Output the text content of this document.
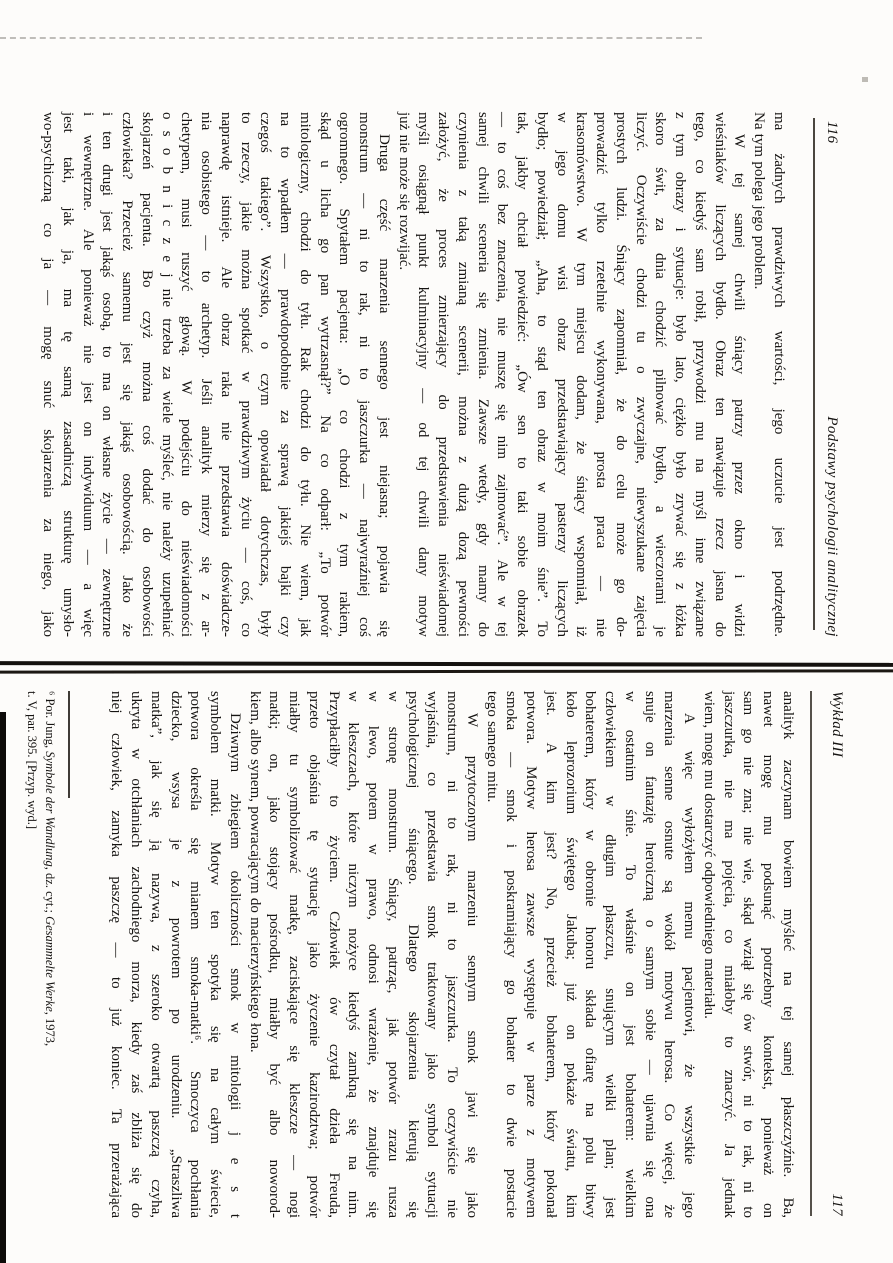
116
Podstawy psychologii analitycznej
ma żadnych prawdziwych wartości, jego uczucie jest podrzędne.
Na tym polega jego problem.
W tej samej chwili śniący patrzy przez okno i widzi
wieśniaków liczących bydło. Obraz ten nawiązuje rzecz jasna do
tego, co kiedyś sam robił, przywodzi mu na myśl inne związane
z tym obrazy i sytuacje: było lato, ciężko było zrywać się z łóżka
skoro świt, za dnia chodzić pilnować bydło, a wieczorami je
liczyć. Oczywiście chodzi tu o zwyczajne, niewyszukane zajęcia
prostych ludzi. Śniący zapomniał, że do celu może go do-
prowadzić tylko rzetelnie wykonywana, prosta praca — nie
krasomówstwo. W tym miejscu dodam, że śniący wspomniał, iż
w jego domu wisi obraz przedstawiający pasterzy liczących
bydło; powiedział; „Aha, to stąd ten obraz w moim śnie”. To
tak, jakby chciał powiedzieć: „Ów sen to taki sobie obrazek
— to coś bez znaczenia, nie muszę się nim zajmować”. Ale w tej
samej chwili sceneria się zmienia. Zawsze wtedy, gdy mamy do
czynienia z taką zmianą scenerii, można z dużą dozą pewności
założyć, że proces zmierzający do przedstawienia nieświadomej
myśli osiągnął punkt kulminacyjny — od tej chwili dany motyw
już nie może się rozwijać.
Druga część marzenia sennego jest niejasna; pojawia się
monstrum — ni to rak, ni to jaszczurka — najwyraźniej coś
ogromnego. Spytałem pacjenta: „O co chodzi z tym rakiem,
skąd u licha go pan wytrzasnął?” Na co odparł: „To potwór
mitologiczny, chodzi do tyłu. Rak chodzi do tyłu. Nie wiem, jak
na to wpadłem — prawdopodobnie za sprawą jakiejś bajki czy
czegoś takiego”. Wszystko, o czym opowiadał dotychczas, były
to rzeczy, jakie można spotkać w prawdziwym życiu — coś, co
naprawdę istnieje. Ale obraz raka nie przedstawia doświadcze-
nia osobistego — to archetyp. Jeśli analityk mierzy się z ar-
chetypem, musi ruszyć głową. W podejściu do nieświadomości
o s o b n i c z e j nie trzeba za wiele myśleć, nie należy uzupełniać
skojarzeń pacjenta. Bo czyż można coś dodać do osobowości
człowieka? Przecież samemu jest się jakąś osobowością. Jako że
i ten drugi jest jakąś osobą, to ma on własne życie — zewnętrzne
i wewnętrzne. Ale ponieważ nie jest on indywiduum — a więc
jest taki, jak ja, ma tę samą zasadniczą strukturę umysło-
wo-psychiczną co ja — mogę snuć skojarzenia za niego, jako
Wykład III
117
analityk zaczynam bowiem myśleć na tej samej płaszczyźnie. Ba,
nawet mogę mu podsunąć potrzebny kontekst, ponieważ on
sam go nie zna; nie wie, skąd wziął się ów stwór, ni to rak, ni to
jaszczurka, nie ma pojęcia, co miałoby to znaczyć. Ja jednak
wiem, mogę mu dostarczyć odpowiedniego materiału.
A więc wyłożyłem memu pacjentowi, że wszystkie jego
marzenia senne osnute są wokół motywu herosa. Co więcej, że
snuje on fantazję heroiczną o samym sobie — ujawnia się ona
w ostatnim śnie. To właśnie on jest bohaterem: wielkim
człowiekiem w długim płaszczu, snującym wielki plan; jest
bohaterem, który w obronie honoru składa ofiarę na polu bitwy
koło leprozorium świętego Jakuba; już on pokaże światu, kim
jest. A kim jest? No, przecież bohaterem, który pokonał
potwora. Motyw herosa zawsze występuje w parze z motywem
smoka — smok i poskramiający go bohater to dwie postacie
tego samego mitu.
W przytoczonym marzeniu sennym smok jawi się jako
monstrum, ni to rak, ni to jaszczurka. To oczywiście nie
wyjaśnia, co przedstawia smok traktowany jako symbol sytuacji
psychologicznej śniącego. Dlatego skojarzenia kierują się
w stronę monstrum. Śniący, patrząc, jak potwór zrazu rusza
w lewo, potem w prawo, odnosi wrażenie, że znajduje się
w kleszczach, które niczym nożyce kiedyś zamkną się na nim.
Przypłaciłby to życiem. Człowiek ów czytał dzieła Freuda,
przeto objaśnia tę sytuację jako życzenie kazirodztwa; potwór
miałby tu symbolizować matkę, zaciskające się kleszcze — nogi
matki; on, jako stojący pośrodku, miałby być albo noworod-
kiem, albo synem, powracającym do macierzyńskiego łona.
Dziwnym zbiegiem okoliczności smok w mitologii j e s t
symbolem matki. Motyw ten spotyka się na całym świecie,
potwora określa się mianem smoka-matki⁶. Smoczyca pochłania
dziecko, wsysa je z powrotem po urodzeniu. „Straszliwa
matka”, jak się ją nazywa, z szeroko otwartą paszczą czyha,
ukryta w otchłaniach zachodniego morza, kiedy zaś zbliża się do
niej człowiek, zamyka paszczę — to już koniec. Ta przerażająca
⁶ Por. Jung, Symbole der Wandlung, dz. cyt.; Gesammelte Werke, 1973,
t. V, par. 395. [Przyp. wyd.]
